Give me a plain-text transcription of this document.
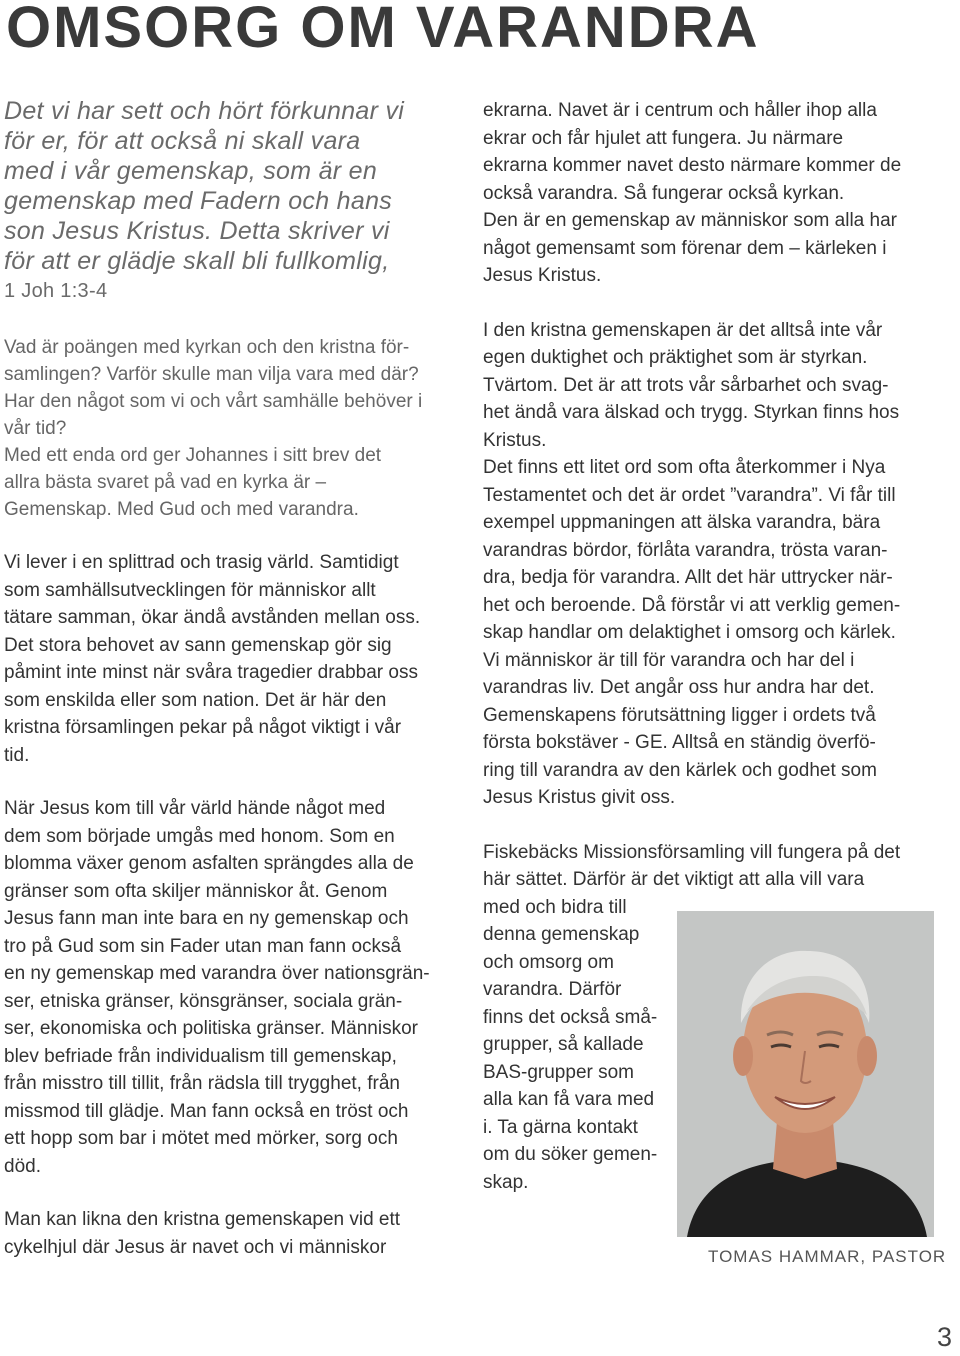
OMSORG OM VARANDRA

Det vi har sett och hört förkunnar vi
för er, för att också ni skall vara
med i vår gemenskap, som är en
gemenskap med Fadern och hans
son Jesus Kristus. Detta skriver vi
för att er glädje skall bli fullkomlig,
1 Joh 1:3-4

Vad är poängen med kyrkan och den kristna för-
samlingen? Varför skulle man vilja vara med där?
Har den något som vi och vårt samhälle behöver i
vår tid?
Med ett enda ord ger Johannes i sitt brev det
allra bästa svaret på vad en kyrka är –
Gemenskap. Med Gud och med varandra.

Vi lever i en splittrad och trasig värld. Samtidigt
som samhällsutvecklingen för människor allt
tätare samman, ökar ändå avstånden mellan oss.
Det stora behovet av sann gemenskap gör sig
påmint inte minst när svåra tragedier drabbar oss
som enskilda eller som nation. Det är här den
kristna församlingen pekar på något viktigt i vår
tid.

När Jesus kom till vår värld hände något med
dem som började umgås med honom. Som en
blomma växer genom asfalten sprängdes alla de
gränser som ofta skiljer människor åt. Genom
Jesus fann man inte bara en ny gemenskap och
tro på Gud som sin Fader utan man fann också
en ny gemenskap med varandra över nationsgrän-
ser, etniska gränser, könsgränser, sociala grän-
ser, ekonomiska och politiska gränser. Människor
blev befriade från individualism till gemenskap,
från misstro till tillit, från rädsla till trygghet, från
missmod till glädje. Man fann också en tröst och
ett hopp som bar i mötet med mörker, sorg och
död.

Man kan likna den kristna gemenskapen vid ett
cykelhjul där Jesus är navet och vi människor

ekrarna. Navet är i centrum och håller ihop alla
ekrar och får hjulet att fungera. Ju närmare
ekrarna kommer navet desto närmare kommer de
också varandra. Så fungerar också kyrkan.
Den är en gemenskap av människor som alla har
något gemensamt som förenar dem – kärleken i
Jesus Kristus.

I den kristna gemenskapen är det alltså inte vår
egen duktighet och präktighet som är styrkan.
Tvärtom. Det är att trots vår sårbarhet och svag-
het ändå vara älskad och trygg. Styrkan finns hos
Kristus.
Det finns ett litet ord som ofta återkommer i Nya
Testamentet och det är ordet ”varandra”. Vi får till
exempel uppmaningen att älska varandra, bära
varandras bördor, förlåta varandra, trösta varan-
dra, bedja för varandra. Allt det här uttrycker när-
het och beroende. Då förstår vi att verklig gemen-
skap handlar om delaktighet i omsorg och kärlek.
Vi människor är till för varandra och har del i
varandras liv. Det angår oss hur andra har det.
Gemenskapens förutsättning ligger i ordets två
första bokstäver - GE. Alltså en ständig överfö-
ring till varandra av den kärlek och godhet som
Jesus Kristus givit oss.

Fiskebäcks Missionsförsamling vill fungera på det
här sättet. Därför är det viktigt att alla vill vara
med och bidra till
denna gemenskap
och omsorg om
varandra. Därför
finns det också små-
grupper, så kallade
BAS-grupper som
alla kan få vara med
i. Ta gärna kontakt
om du söker gemen-
skap.

TOMAS HAMMAR, PASTOR
3
